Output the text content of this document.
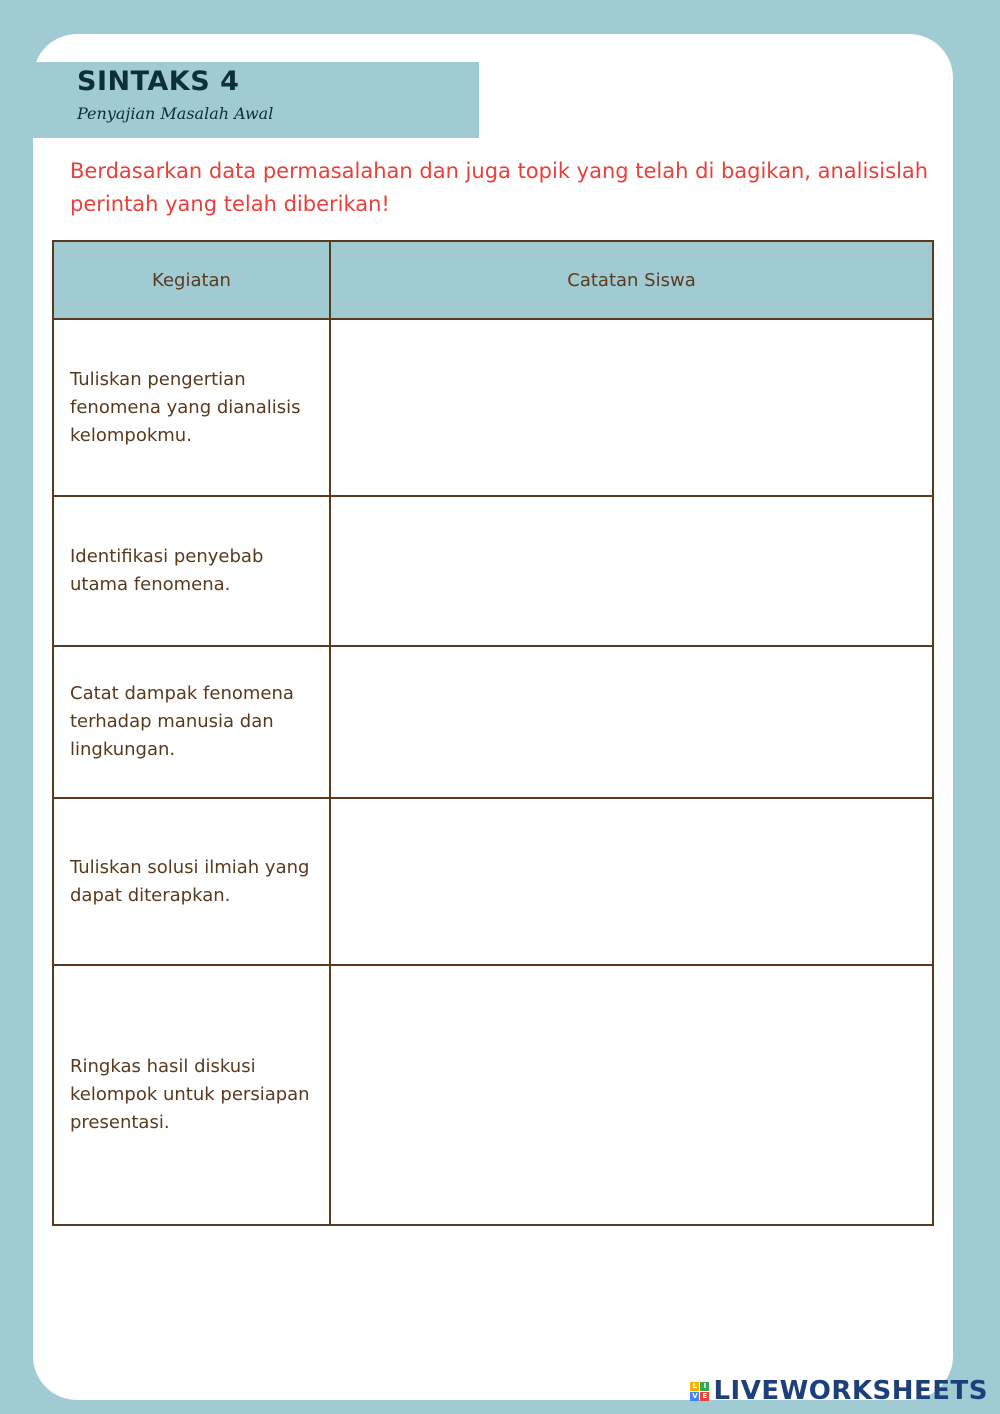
SINTAKS 4
Penyajian Masalah Awal
Berdasarkan data permasalahan dan juga topik yang telah di bagikan, analisislah perintah yang telah diberikan!
Kegiatan	Catatan Siswa
Tuliskan pengertian fenomena yang dianalisis kelompokmu.	
Identifikasi penyebab utama fenomena.	
Catat dampak fenomena terhadap manusia dan lingkungan.	
Tuliskan solusi ilmiah yang dapat diterapkan.	
Ringkas hasil diskusi kelompok untuk persiapan presentasi.	
L I
V E LIVEWORKSHEETS
